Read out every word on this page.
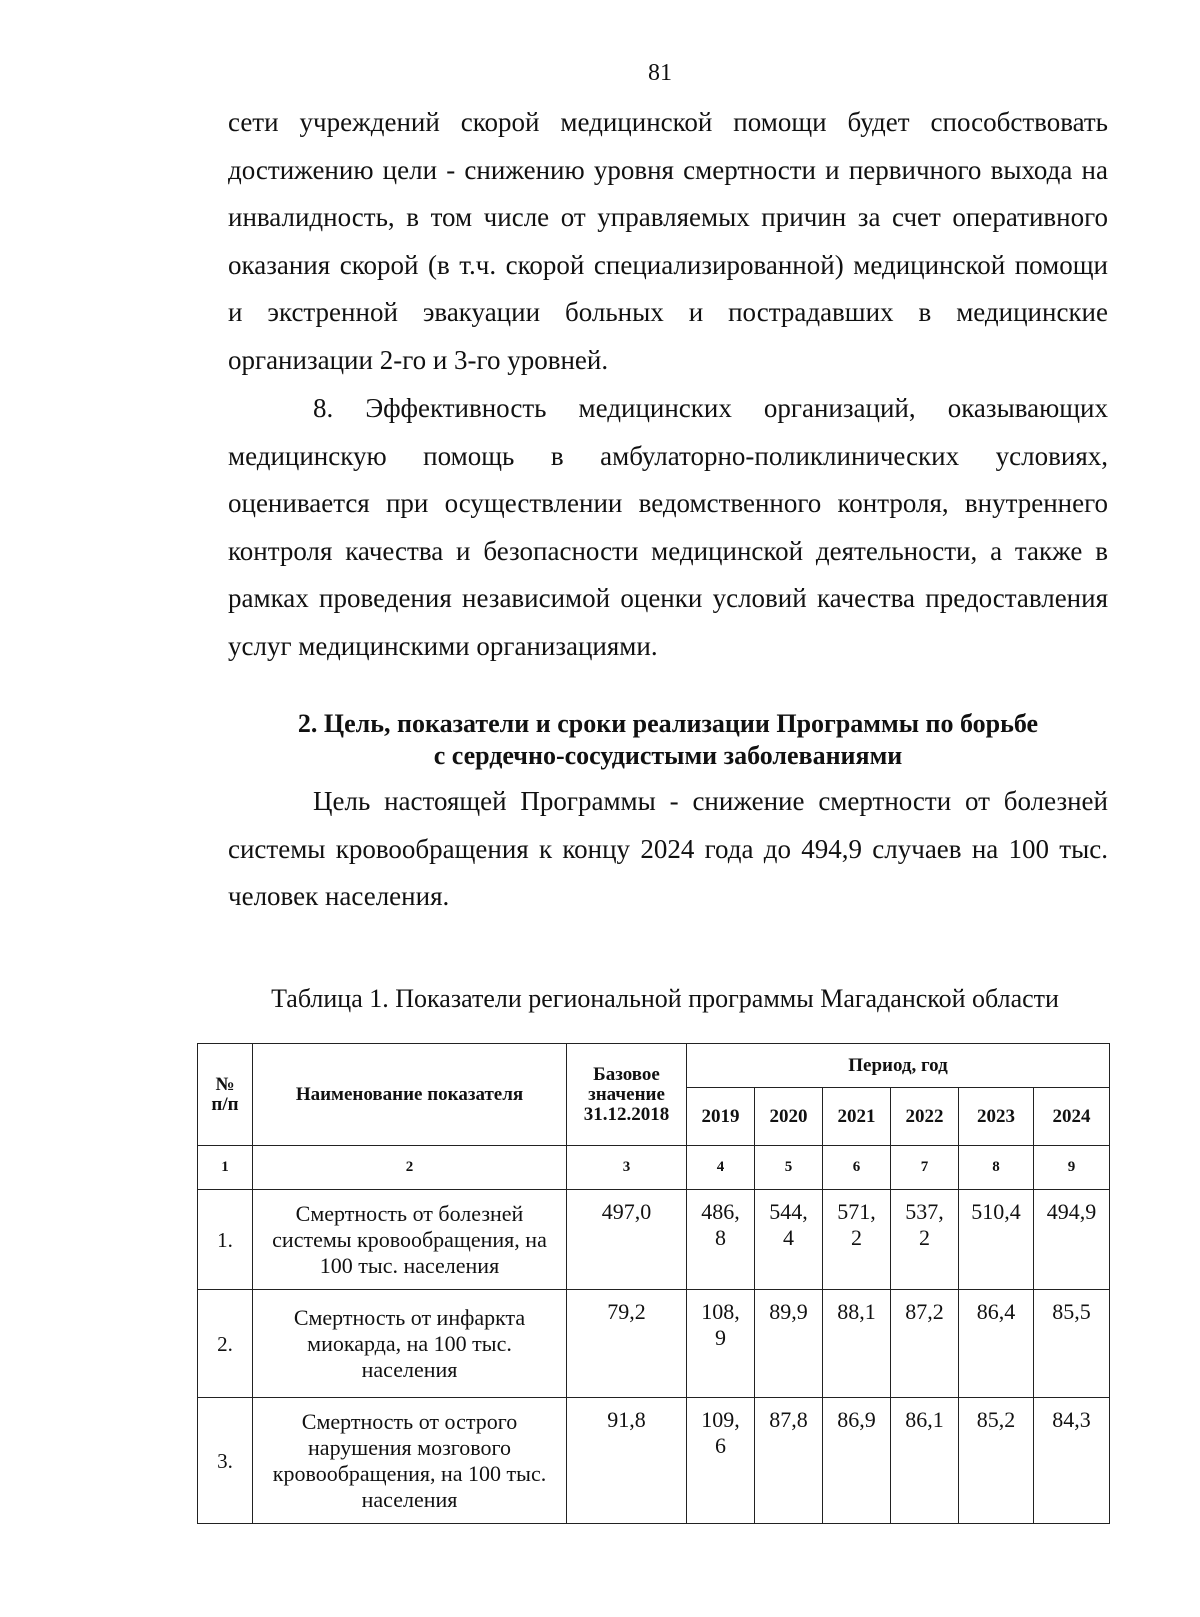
81

сети учреждений скорой медицинской помощи будет способствовать достижению цели - снижению уровня смертности и первичного выхода на инвалидность, в том числе от управляемых причин за счет оперативного оказания скорой (в т.ч. скорой специализированной) медицинской помощи и экстренной эвакуации больных и пострадавших в медицинские организации 2-го и 3-го уровней.

8. Эффективность медицинских организаций, оказывающих медицинскую помощь в амбулаторно-поликлинических условиях, оценивается при осуществлении ведомственного контроля, внутреннего контроля качества и безопасности медицинской деятельности, а также в рамках проведения независимой оценки условий качества предоставления услуг медицинскими организациями.

2. Цель, показатели и сроки реализации Программы по борьбе
с сердечно-сосудистыми заболеваниями

Цель настоящей Программы - снижение смертности от болезней системы кровообращения к концу 2024 года до 494,9 случаев на 100 тыс. человек населения.

Таблица 1. Показатели региональной программы Магаданской области
№ п/п	Наименование показателя	Базовое значение 31.12.2018	Период, год					
			2019	2020	2021	2022	2023	2024
1	2	3	4	5	6	7	8	9
1.	Смертность от болезней системы кровообращения, на 100 тыс. населения	497,0	486,8	544,4	571,2	537,2	510,4	494,9
2.	Смертность от инфаркта миокарда, на 100 тыс. населения	79,2	108,9	89,9	88,1	87,2	86,4	85,5
3.	Смертность от острого нарушения мозгового кровообращения, на 100 тыс. населения	91,8	109,6	87,8	86,9	86,1	85,2	84,3
